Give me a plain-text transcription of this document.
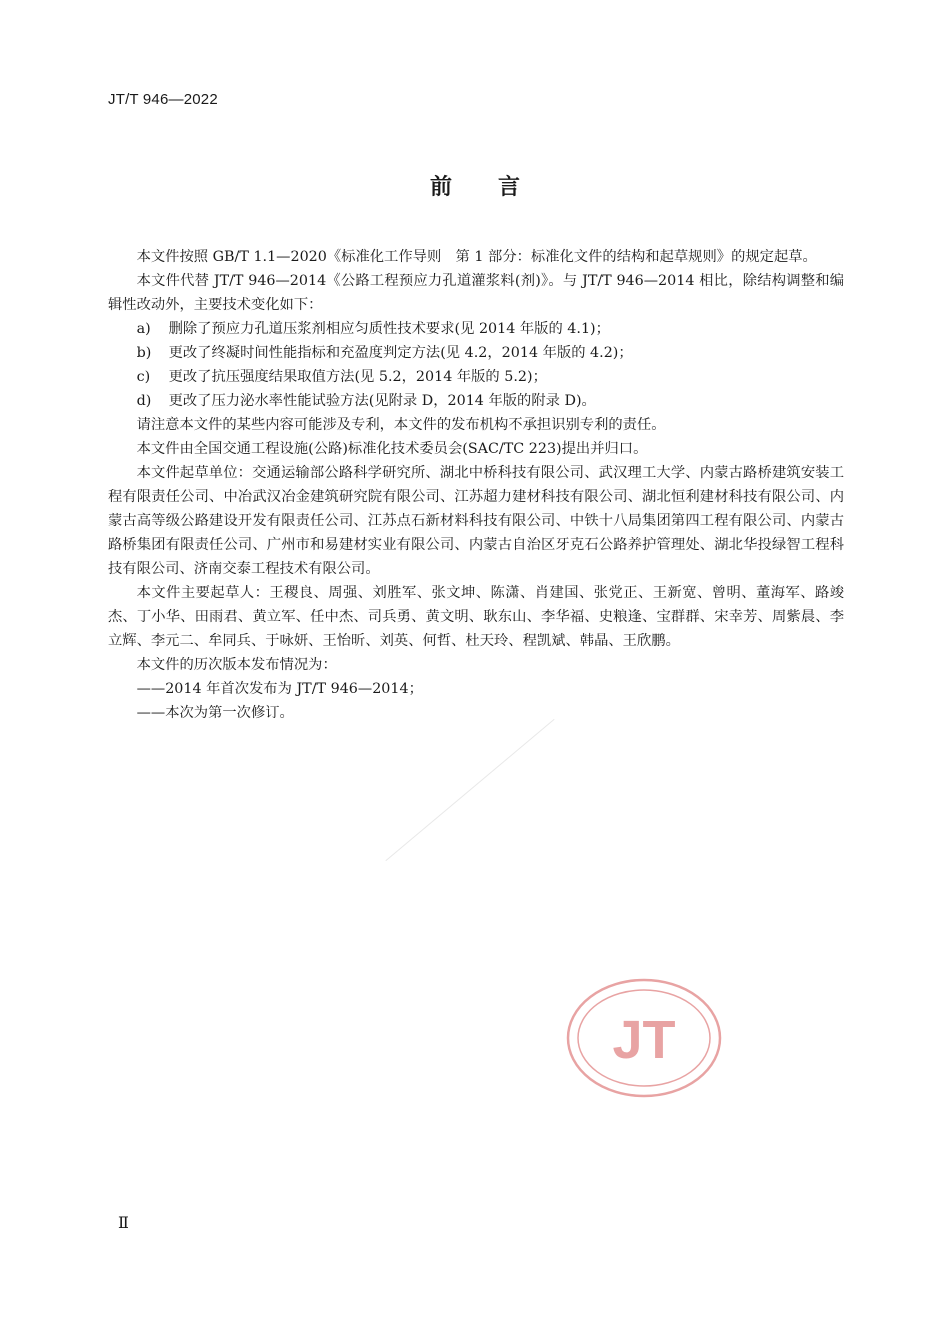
JT/T 946—2022
前言

本文件按照 GB/T 1.1—2020《标准化工作导则　第 1 部分：标准化文件的结构和起草规则》的规定起草。

本文件代替 JT/T 946—2014《公路工程预应力孔道灌浆料(剂)》。与 JT/T 946—2014 相比，除结构调整和编辑性改动外，主要技术变化如下：

a) 删除了预应力孔道压浆剂相应匀质性技术要求(见 2014 年版的 4.1)；

b) 更改了终凝时间性能指标和充盈度判定方法(见 4.2，2014 年版的 4.2)；

c) 更改了抗压强度结果取值方法(见 5.2，2014 年版的 5.2)；

d) 更改了压力泌水率性能试验方法(见附录 D，2014 年版的附录 D)。

请注意本文件的某些内容可能涉及专利，本文件的发布机构不承担识别专利的责任。

本文件由全国交通工程设施(公路)标准化技术委员会(SAC/TC 223)提出并归口。

本文件起草单位：交通运输部公路科学研究所、湖北中桥科技有限公司、武汉理工大学、内蒙古路桥建筑安装工程有限责任公司、中冶武汉冶金建筑研究院有限公司、江苏超力建材科技有限公司、湖北恒利建材科技有限公司、内蒙古高等级公路建设开发有限责任公司、江苏点石新材料科技有限公司、中铁十八局集团第四工程有限公司、内蒙古路桥集团有限责任公司、广州市和易建材实业有限公司、内蒙古自治区牙克石公路养护管理处、湖北华投绿智工程科技有限公司、济南交泰工程技术有限公司。

本文件主要起草人：王稷良、周强、刘胜军、张文坤、陈潇、肖建国、张党正、王新宽、曾明、董海军、路竣杰、丁小华、田雨君、黄立军、任中杰、司兵勇、黄文明、耿东山、李华福、史粮逢、宝群群、宋幸芳、周紫晨、李立辉、李元二、牟同兵、于咏妍、王怡昕、刘英、何哲、杜天玲、程凯斌、韩晶、王欣鹏。

本文件的历次版本发布情况为：

——2014 年首次发布为 JT/T 946—2014；

——本次为第一次修订。

JT
Ⅱ
